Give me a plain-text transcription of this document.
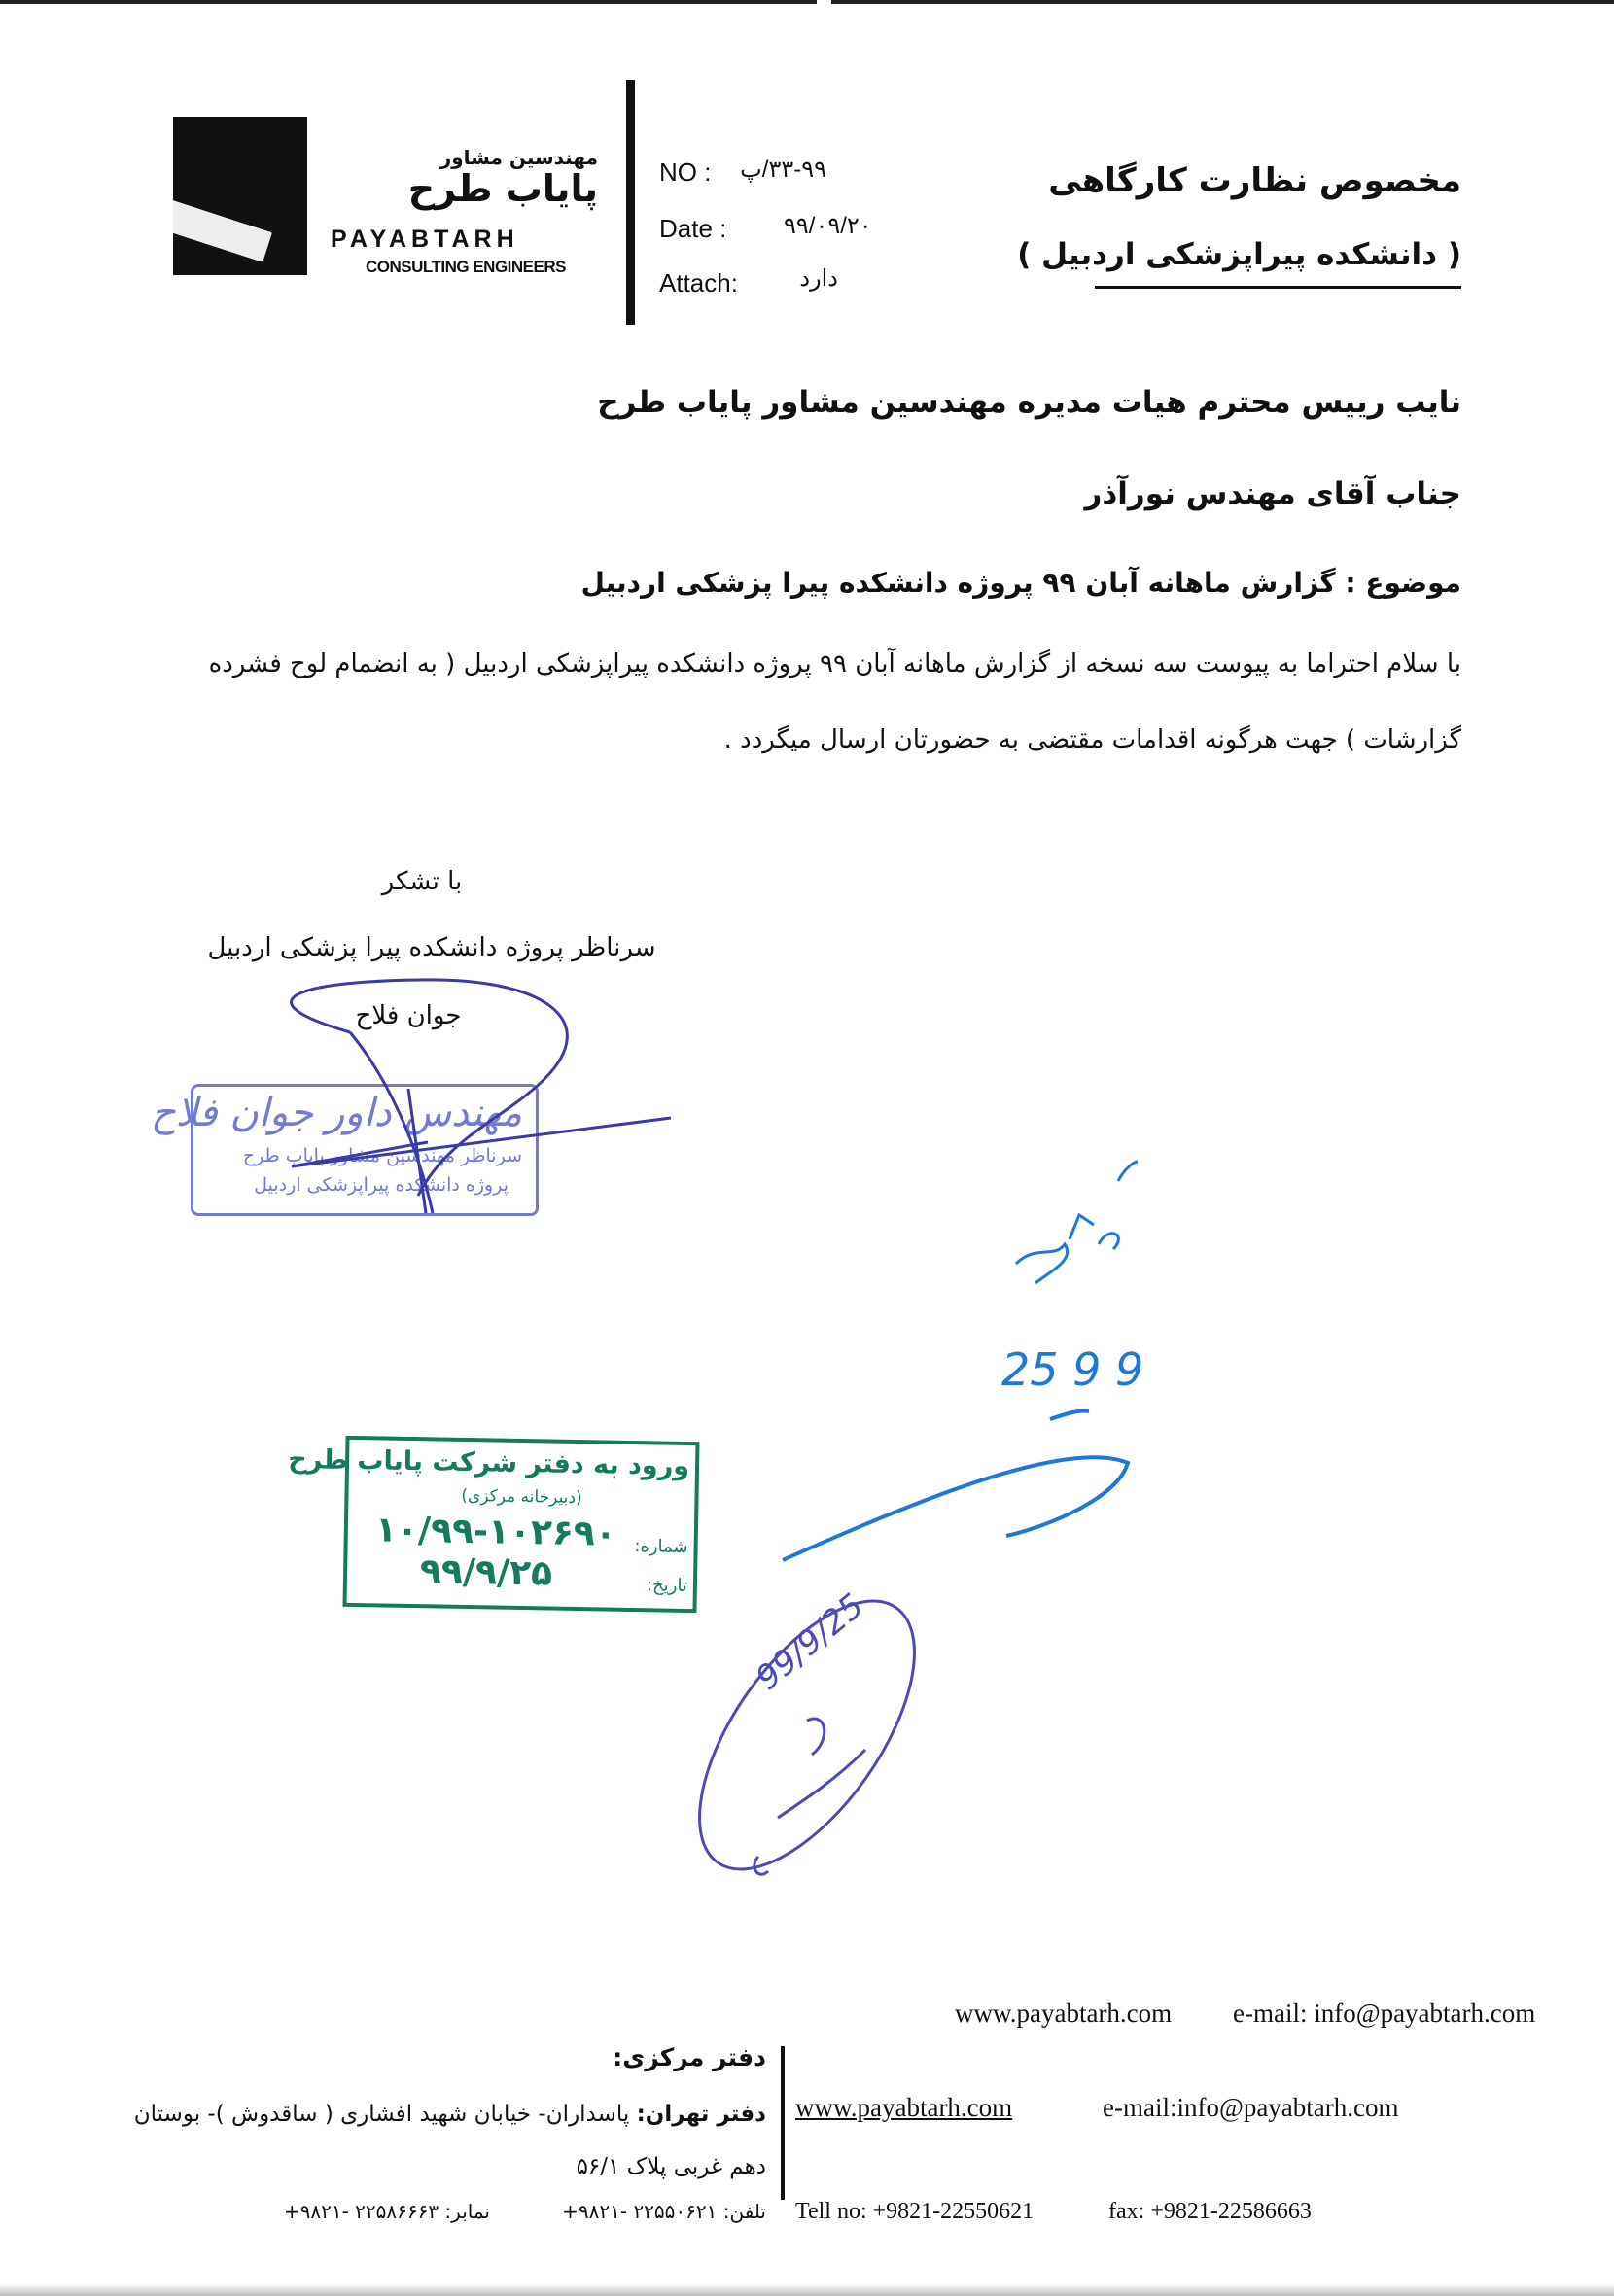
مهندسین مشاور
پایاب طرح
PAYABTARH
CONSULTING ENGINEERS
NO :	۳۳-۹۹/پ
Date : ۹۹/۰۹/۲۰
Attach:	دارد
مخصوص نظارت کارگاهی
( دانشکده پیراپزشکی اردبیل )
نایب رییس محترم هیات مدیره مهندسین مشاور پایاب طرح
جناب آقای مهندس نورآذر
موضوع : گزارش ماهانه آبان ۹۹ پروژه دانشکده پیرا پزشکی اردبیل
با سلام احتراما به پیوست سه نسخه از گزارش ماهانه آبان ۹۹ پروژه دانشکده پیراپزشکی اردبیل ( به انضمام لوح فشرده
گزارشات ) جهت هرگونه اقدامات مقتضی به حضورتان ارسال میگردد .
با تشکر
سرناظر پروژه دانشکده پیرا پزشکی اردبیل
جوان فلاح
مهندس داور جوان فلاح
سرناظر مهندسین مشاور پایاب طرح
پروژه دانشکده پیراپزشکی اردبیل
ورود به دفتر شرکت پایاب طرح
(دبیرخانه مرکزی)
شماره:
۱۰/۹۹-۱۰۲۶۹۰
تاریخ:
۹۹/۹/۲۵
25 9 9
99/9/25
www.payabtarh.com e-mail: info@payabtarh.com
دفتر مرکزی:
دفتر تهران: پاسداران- خیابان شهید افشاری ( ساقدوش )- بوستان
دهم غربی پلاک ۵۶/۱
تلفن: ۲۲۵۵۰۶۲۱ -۹۸۲۱+
نمابر: ۲۲۵۸۶۶۶۳ -۹۸۲۱+
www.payabtarh.com	e-mail:info@payabtarh.com
Tell no: +9821-22550621	fax: +9821-22586663
